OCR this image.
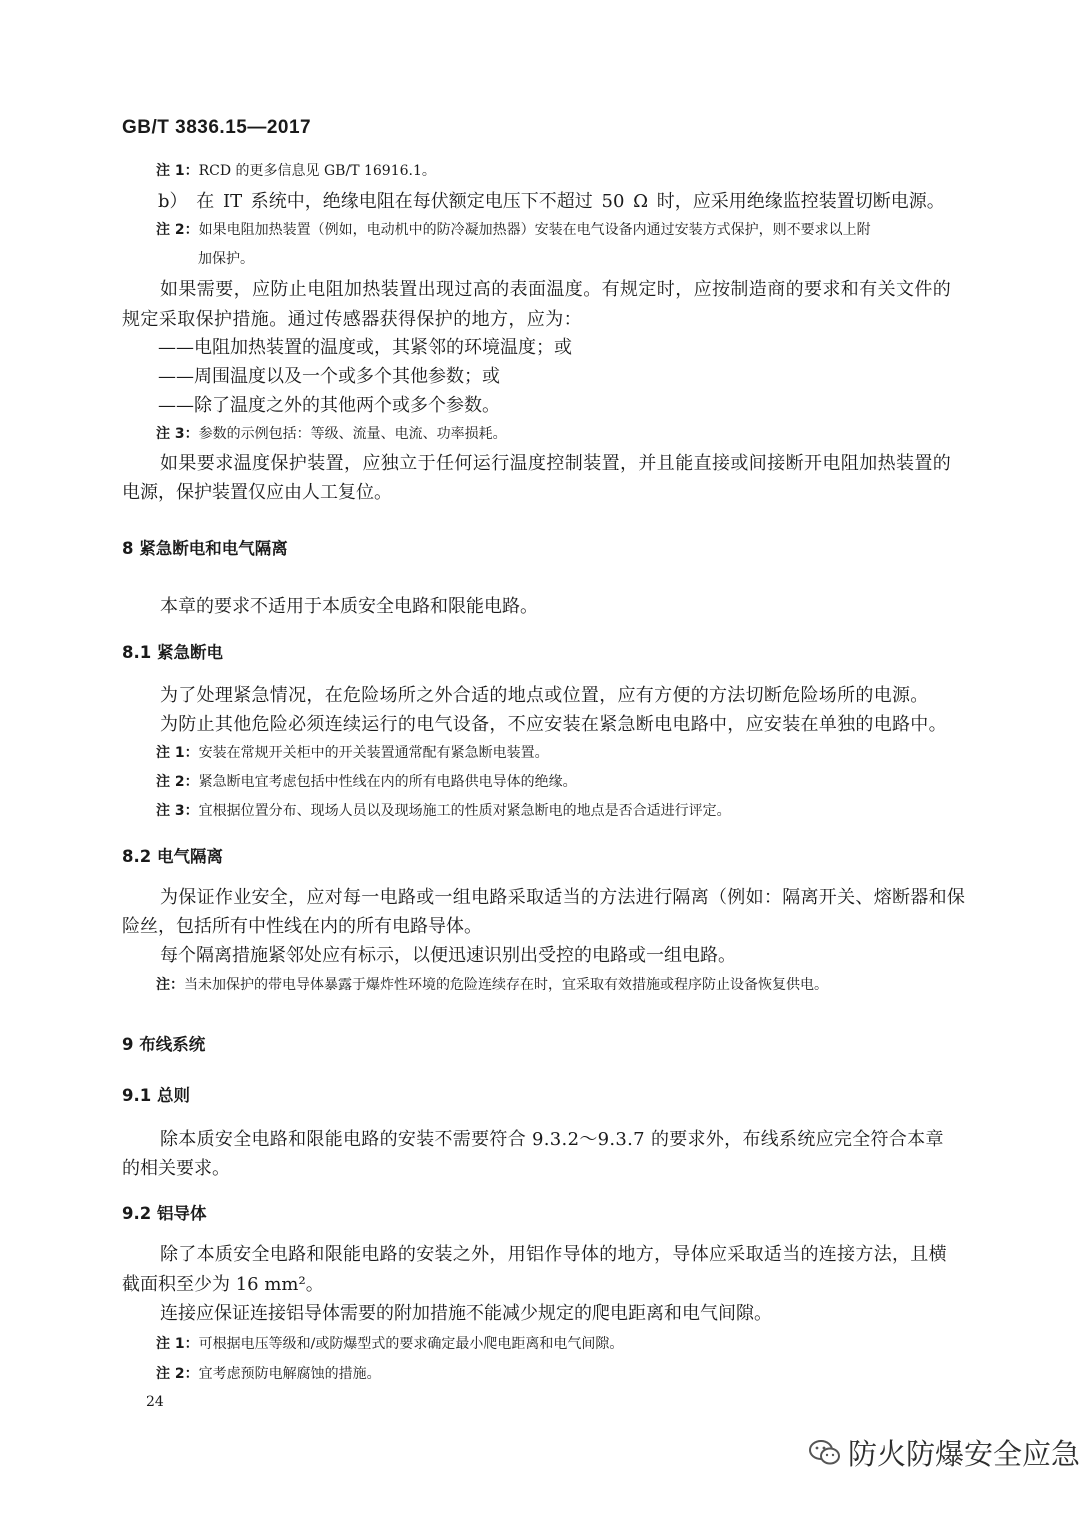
GB/T 3836.15—2017
注 1：RCD 的更多信息见 GB/T 16916.1。
b） 在 IT 系统中，绝缘电阻在每伏额定电压下不超过 50 Ω 时，应采用绝缘监控装置切断电源。
注 2：如果电阻加热装置（例如，电动机中的防冷凝加热器）安装在电气设备内通过安装方式保护，则不要求以上附
加保护。
如果需要，应防止电阻加热装置出现过高的表面温度。有规定时，应按制造商的要求和有关文件的
规定采取保护措施。通过传感器获得保护的地方，应为：
——电阻加热装置的温度或，其紧邻的环境温度；或
——周围温度以及一个或多个其他参数；或
——除了温度之外的其他两个或多个参数。
注 3：参数的示例包括：等级、流量、电流、功率损耗。
如果要求温度保护装置，应独立于任何运行温度控制装置，并且能直接或间接断开电阻加热装置的
电源，保护装置仅应由人工复位。
8 紧急断电和电气隔离
本章的要求不适用于本质安全电路和限能电路。
8.1 紧急断电
为了处理紧急情况，在危险场所之外合适的地点或位置，应有方便的方法切断危险场所的电源。
为防止其他危险必须连续运行的电气设备，不应安装在紧急断电电路中，应安装在单独的电路中。
注 1：安装在常规开关柜中的开关装置通常配有紧急断电装置。
注 2：紧急断电宜考虑包括中性线在内的所有电路供电导体的绝缘。
注 3：宜根据位置分布、现场人员以及现场施工的性质对紧急断电的地点是否合适进行评定。
8.2 电气隔离
为保证作业安全，应对每一电路或一组电路采取适当的方法进行隔离（例如：隔离开关、熔断器和保
险丝，包括所有中性线在内的所有电路导体。
每个隔离措施紧邻处应有标示，以便迅速识别出受控的电路或一组电路。
注：当未加保护的带电导体暴露于爆炸性环境的危险连续存在时，宜采取有效措施或程序防止设备恢复供电。
9 布线系统
9.1 总则
除本质安全电路和限能电路的安装不需要符合 9.3.2～9.3.7 的要求外，布线系统应完全符合本章
的相关要求。
9.2 铝导体
除了本质安全电路和限能电路的安装之外，用铝作导体的地方，导体应采取适当的连接方法，且横
截面积至少为 16 mm²。
连接应保证连接铝导体需要的附加措施不能减少规定的爬电距离和电气间隙。
注 1：可根据电压等级和/或防爆型式的要求确定最小爬电距离和电气间隙。
注 2：宜考虑预防电解腐蚀的措施。
24
防火防爆安全应急
